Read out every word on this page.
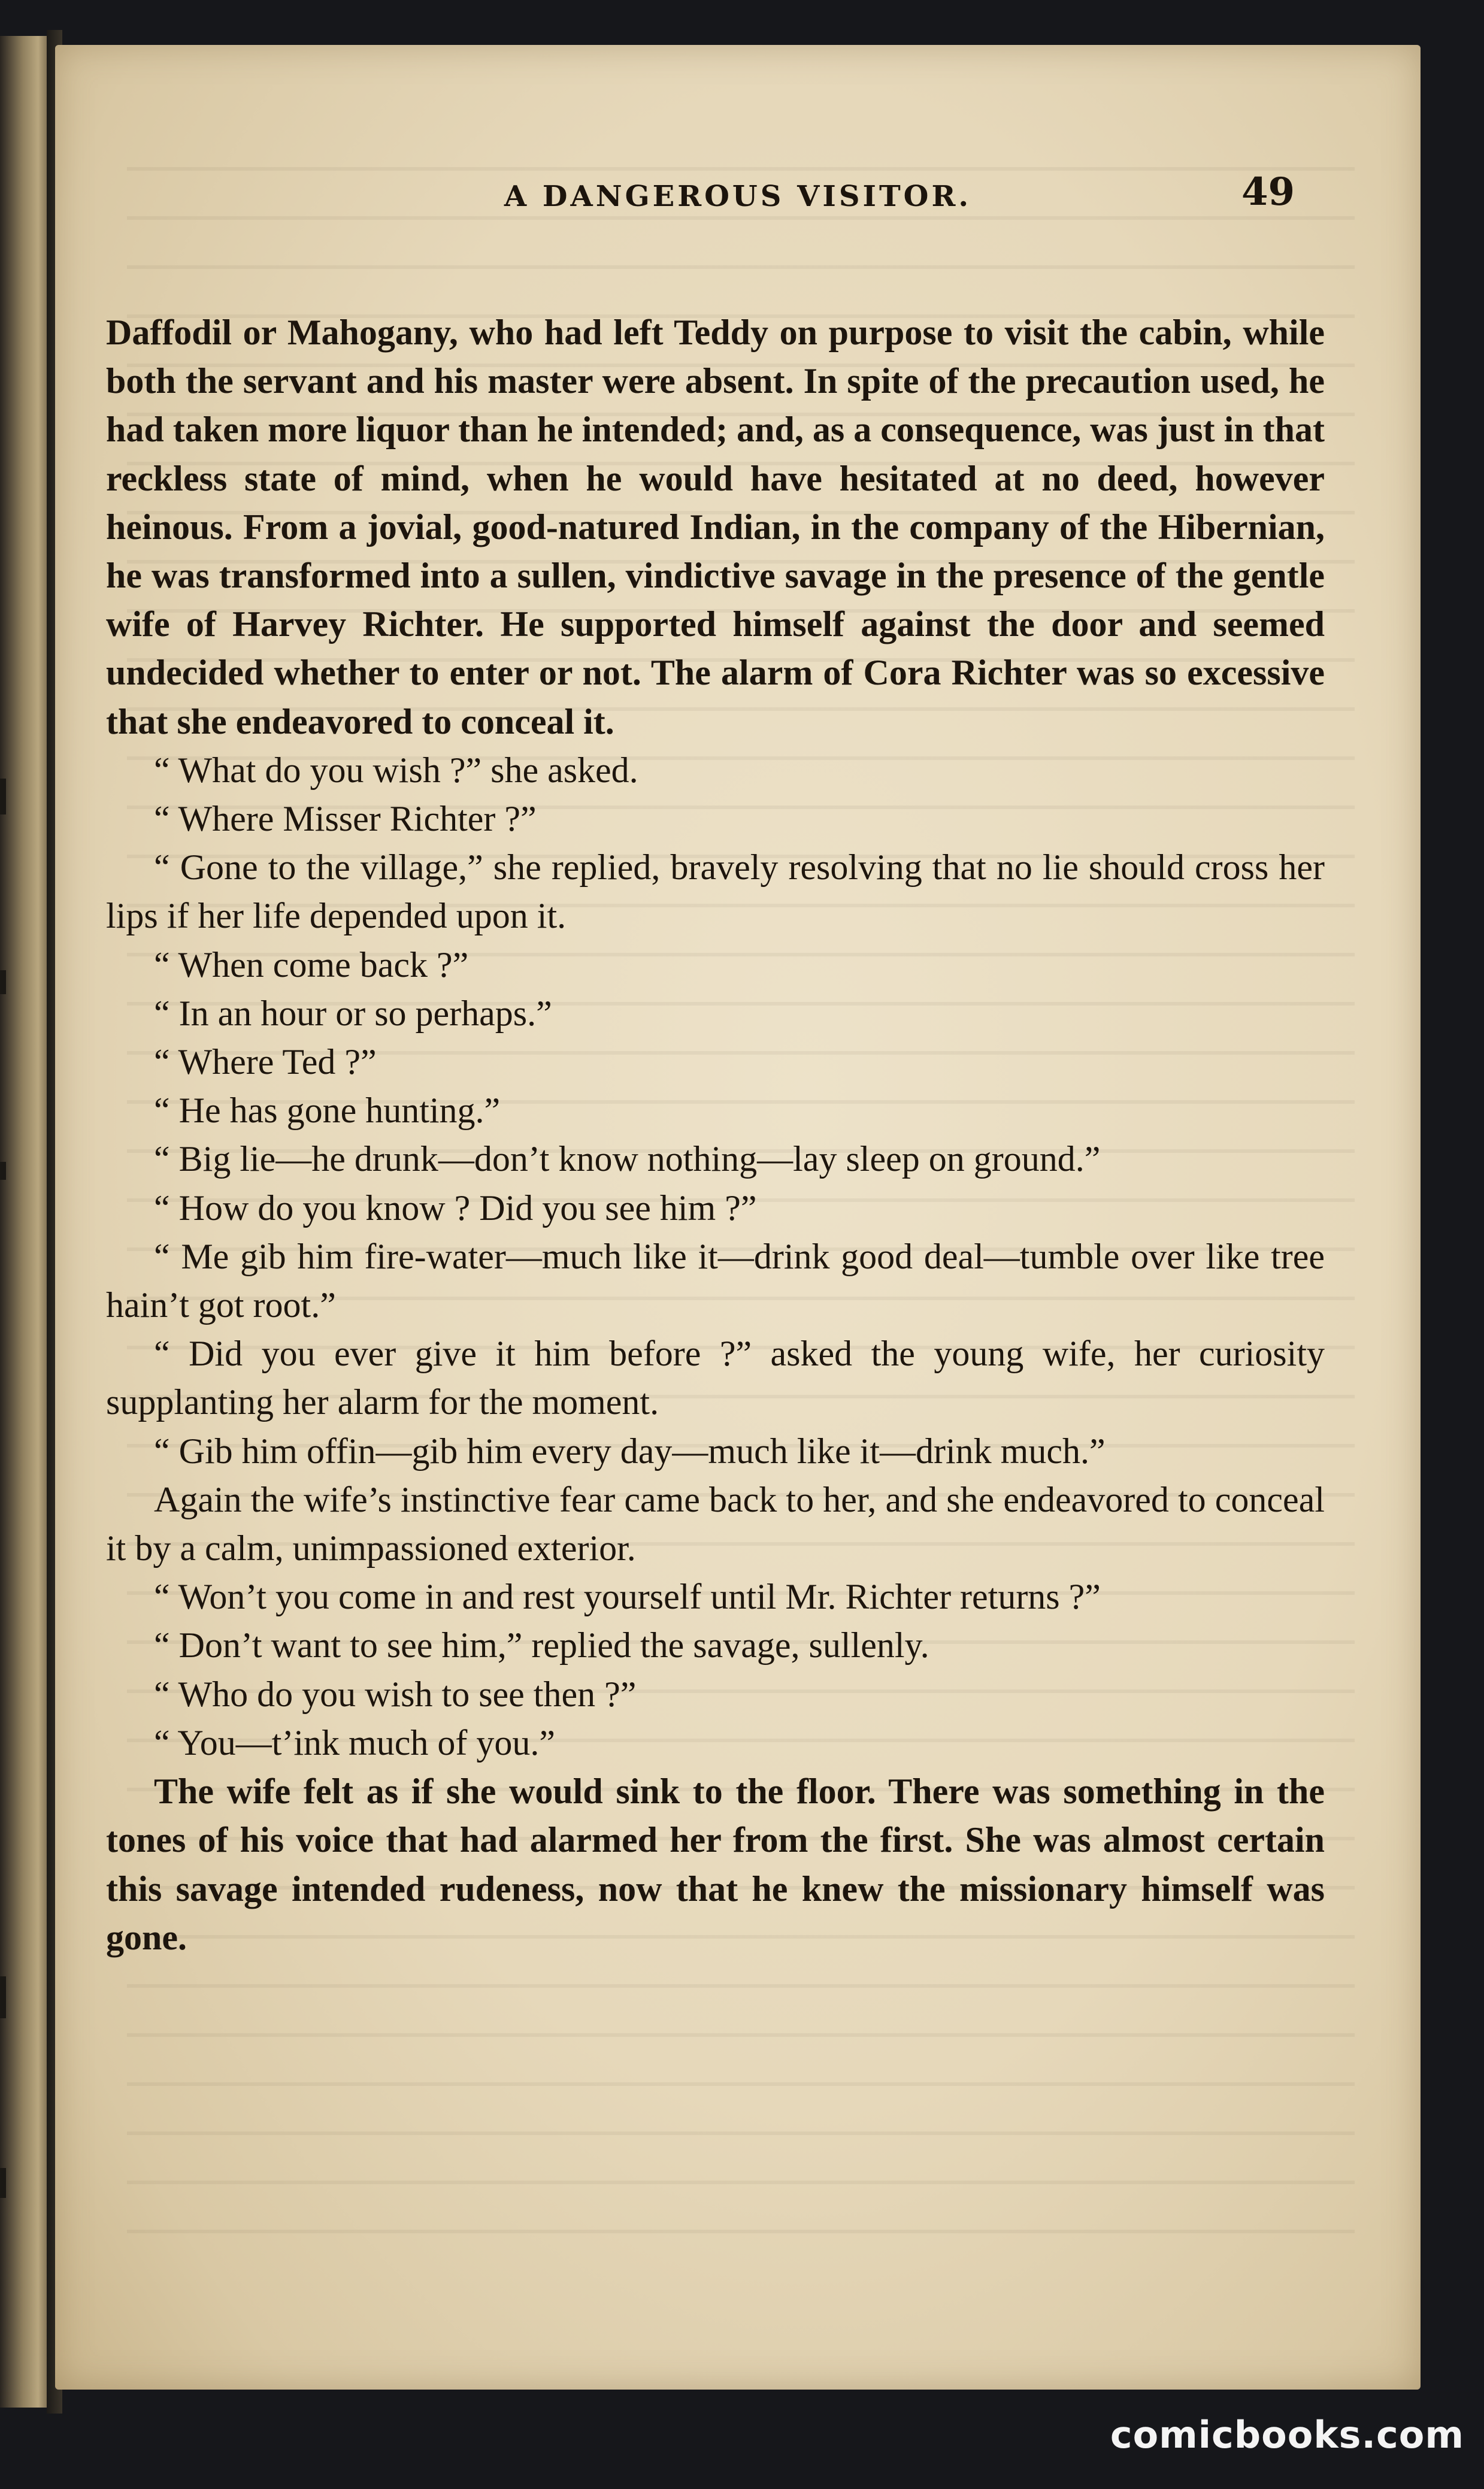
A DANGEROUS VISITOR.	49

Daffodil or Mahogany, who had left Teddy on purpose to visit the cabin, while both the servant and his master were absent. In spite of the precaution used, he had taken more liquor than he intended; and, as a consequence, was just in that reckless state of mind, when he would have hesitated at no deed, however heinous. From a jovial, good-natured Indian, in the company of the Hibernian, he was transformed into a sullen, vindictive savage in the presence of the gentle wife of Harvey Richter. He supported himself against the door and seemed undecided whether to enter or not. The alarm of Cora Richter was so excessive that she endeavored to conceal it.

“ What do you wish ?” she asked.

“ Where Misser Richter ?”

“ Gone to the village,” she replied, bravely resolving that no lie should cross her lips if her life depended upon it.

“ When come back ?”

“ In an hour or so perhaps.”

“ Where Ted ?”

“ He has gone hunting.”

“ Big lie—he drunk—don’t know nothing—lay sleep on ground.”

“ How do you know ? Did you see him ?”

“ Me gib him fire-water—much like it—drink good deal—tumble over like tree hain’t got root.”

“ Did you ever give it him before ?” asked the young wife, her curiosity supplanting her alarm for the moment.

“ Gib him offin—gib him every day—much like it—drink much.”

Again the wife’s instinctive fear came back to her, and she endeavored to conceal it by a calm, unimpassioned exterior.

“ Won’t you come in and rest yourself until Mr. Richter returns ?”

“ Don’t want to see him,” replied the savage, sullenly.

“ Who do you wish to see then ?”

“ You—t’ink much of you.”

The wife felt as if she would sink to the floor. There was something in the tones of his voice that had alarmed her from the first. She was almost certain this savage intended rudeness, now that he knew the missionary himself was gone.

comicbooks.com
